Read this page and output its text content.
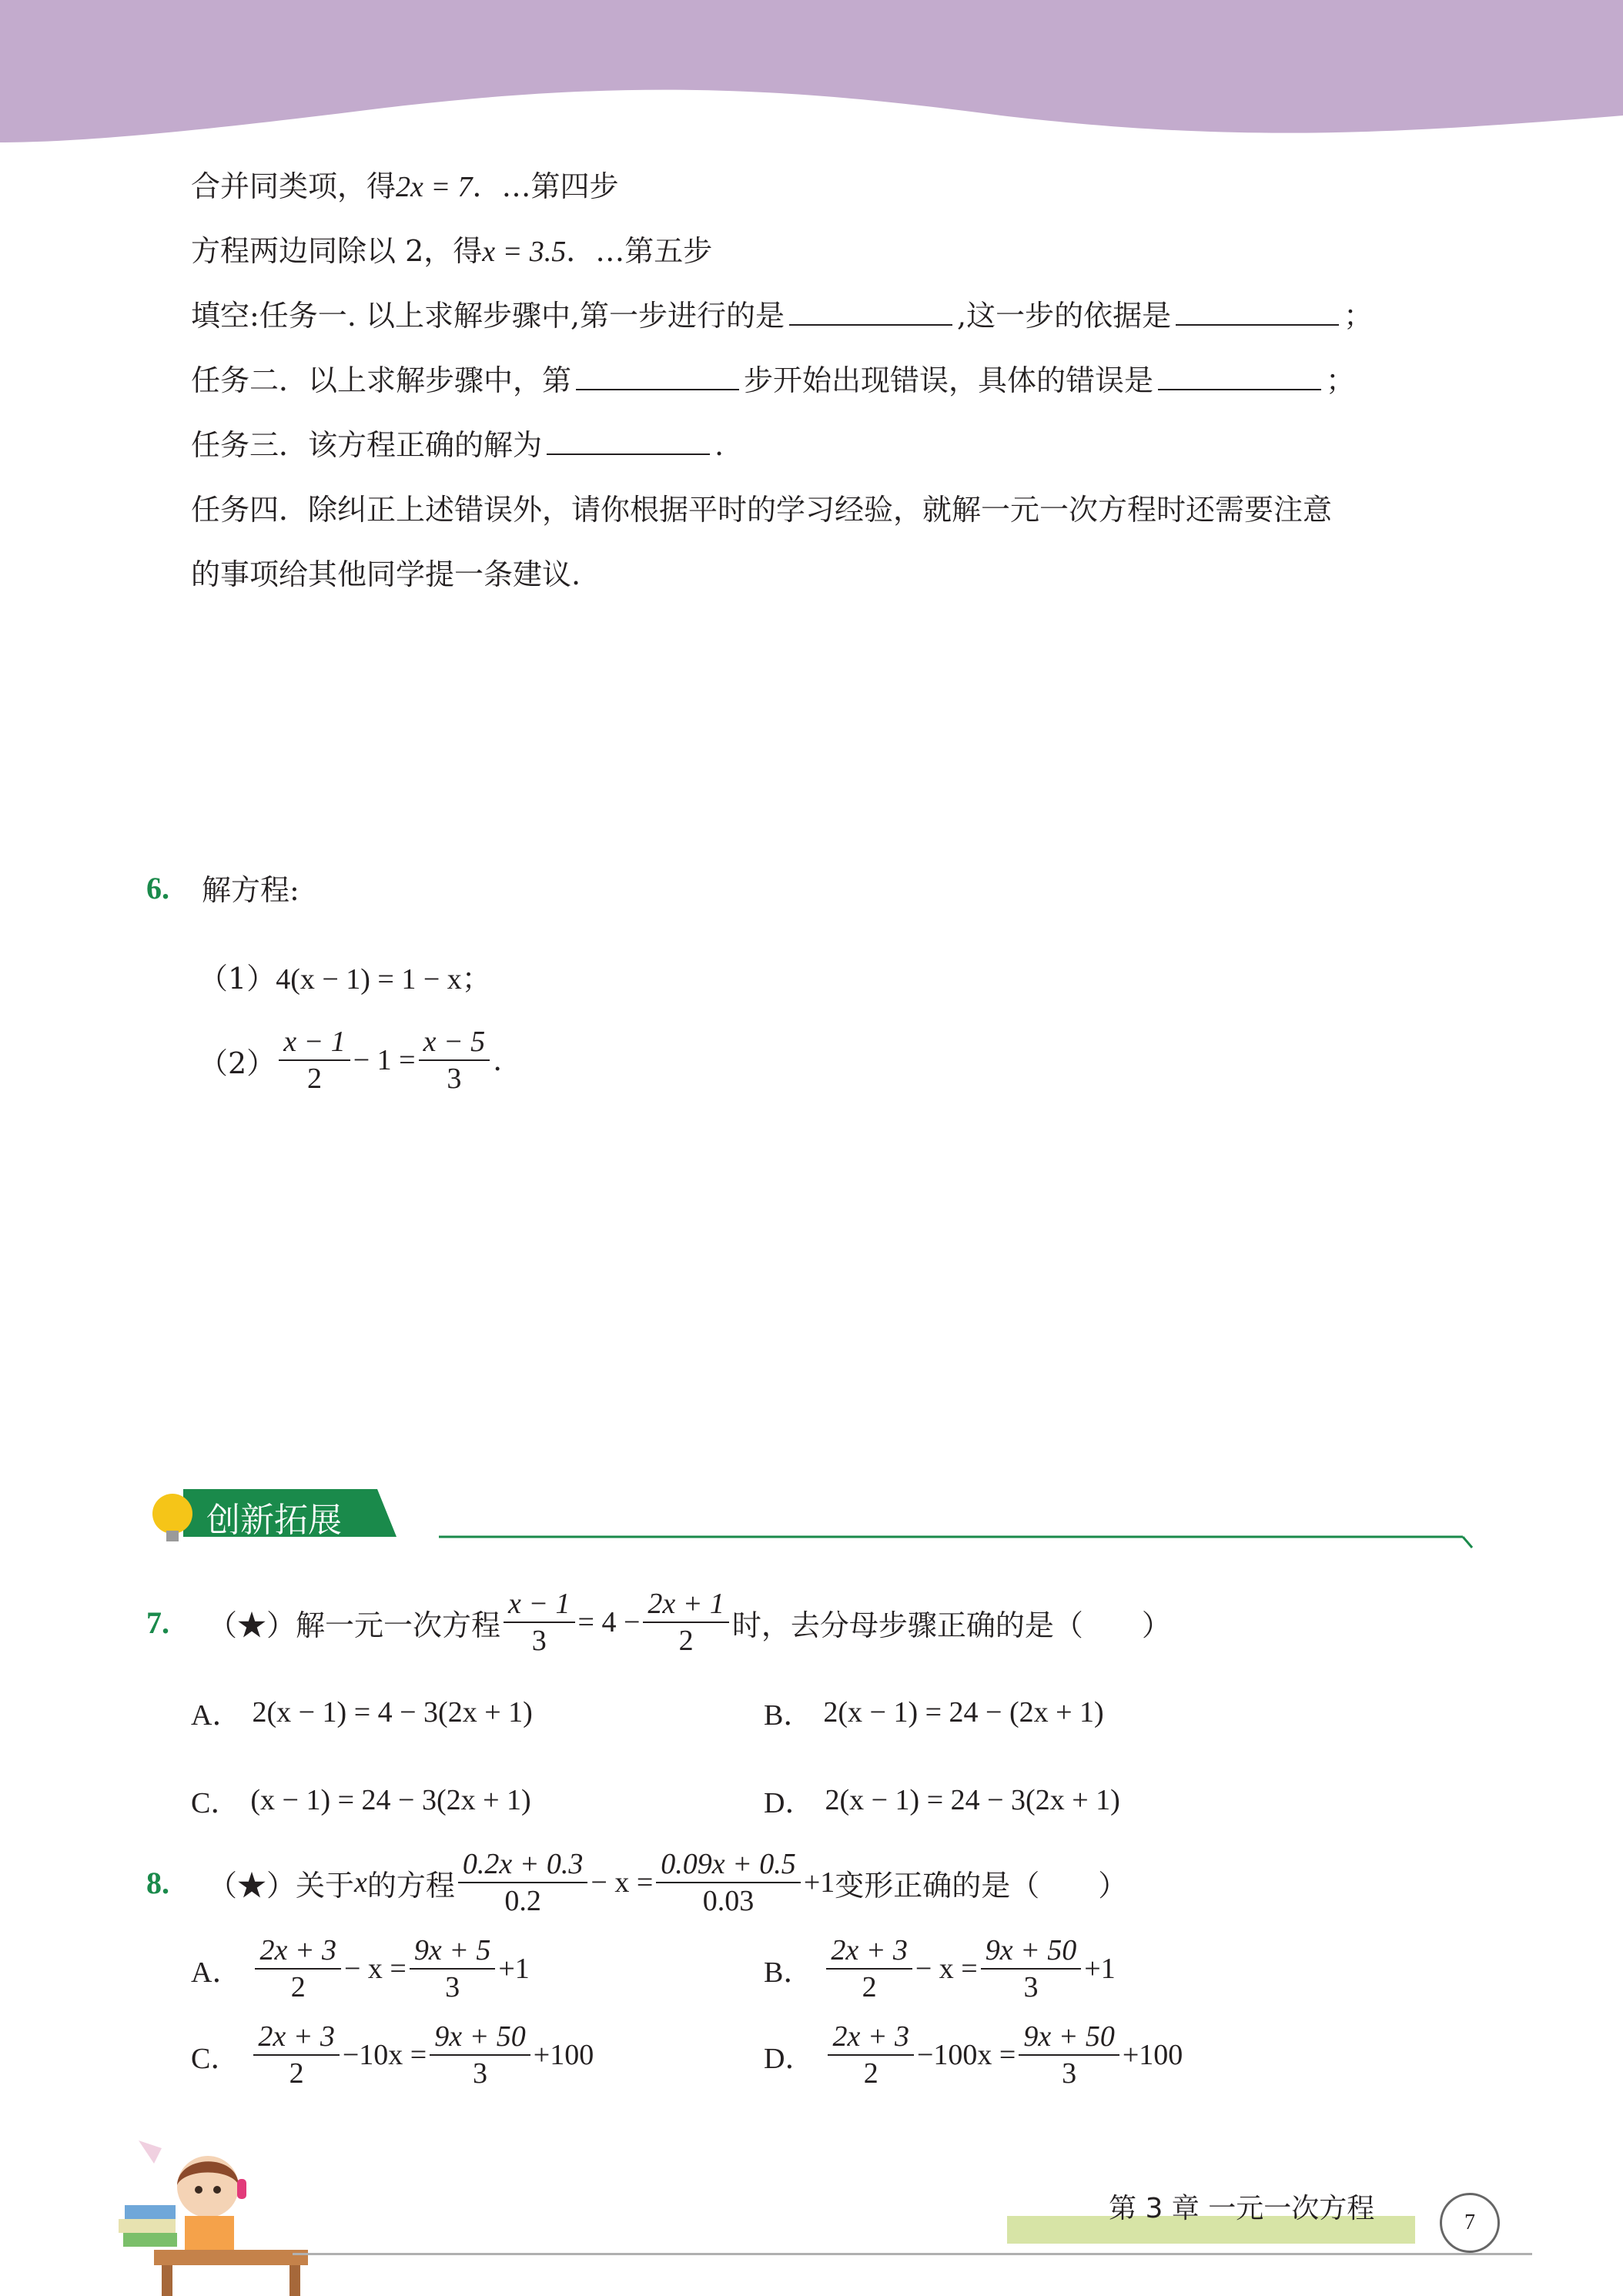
合并同类项，得2x = 7．…第四步
方程两边同除以 2，得x = 3.5．…第五步
填空:任务一. 以上求解步骤中,第一步进行的是	,这一步的依据是	；
任务二．以上求解步骤中，第	步开始出现错误，具体的错误是	；
任务三．该方程正确的解为	.
任务四．除纠正上述错误外，请你根据平时的学习经验，就解一元一次方程时还需要注意
的事项给其他同学提一条建议.
6. 解方程:
（1） 4(x − 1) = 1 − x；
$(2) \frac{x - 1}{2} - 1 = \frac{x - 5}{3}$ .
创新拓展
7. （★）解一元一次方程 $\frac{x - 1}{3} = 4 - \frac{2x + 1}{2}$ 时，去分母步骤正确的是（　　）
A． 2(x − 1) = 4 − 3(2x + 1)	B． 2(x − 1) = 24 − (2x + 1)
C． (x − 1) = 24 − 3(2x + 1)	D． 2(x − 1) = 24 − 3(2x + 1)
8. （★）关于 x 的方程 $\frac{0.2x + 0.3}{0.2} - x = \frac{0.09x + 0.5}{0.03} +1$ 变形正确的是（　　）
A． $\frac{2x + 3}{2} - x = \frac{9x + 5}{3} +1$	B． $\frac{2x + 3}{2} - x = \frac{9x + 50}{3} +1$
C． $\frac{2x + 3}{2} -10x = \frac{9x + 50}{3} +100$	D． $\frac{2x + 3}{2} -100x = \frac{9x + 50}{3} +100$
第 3 章 一元一次方程	7
